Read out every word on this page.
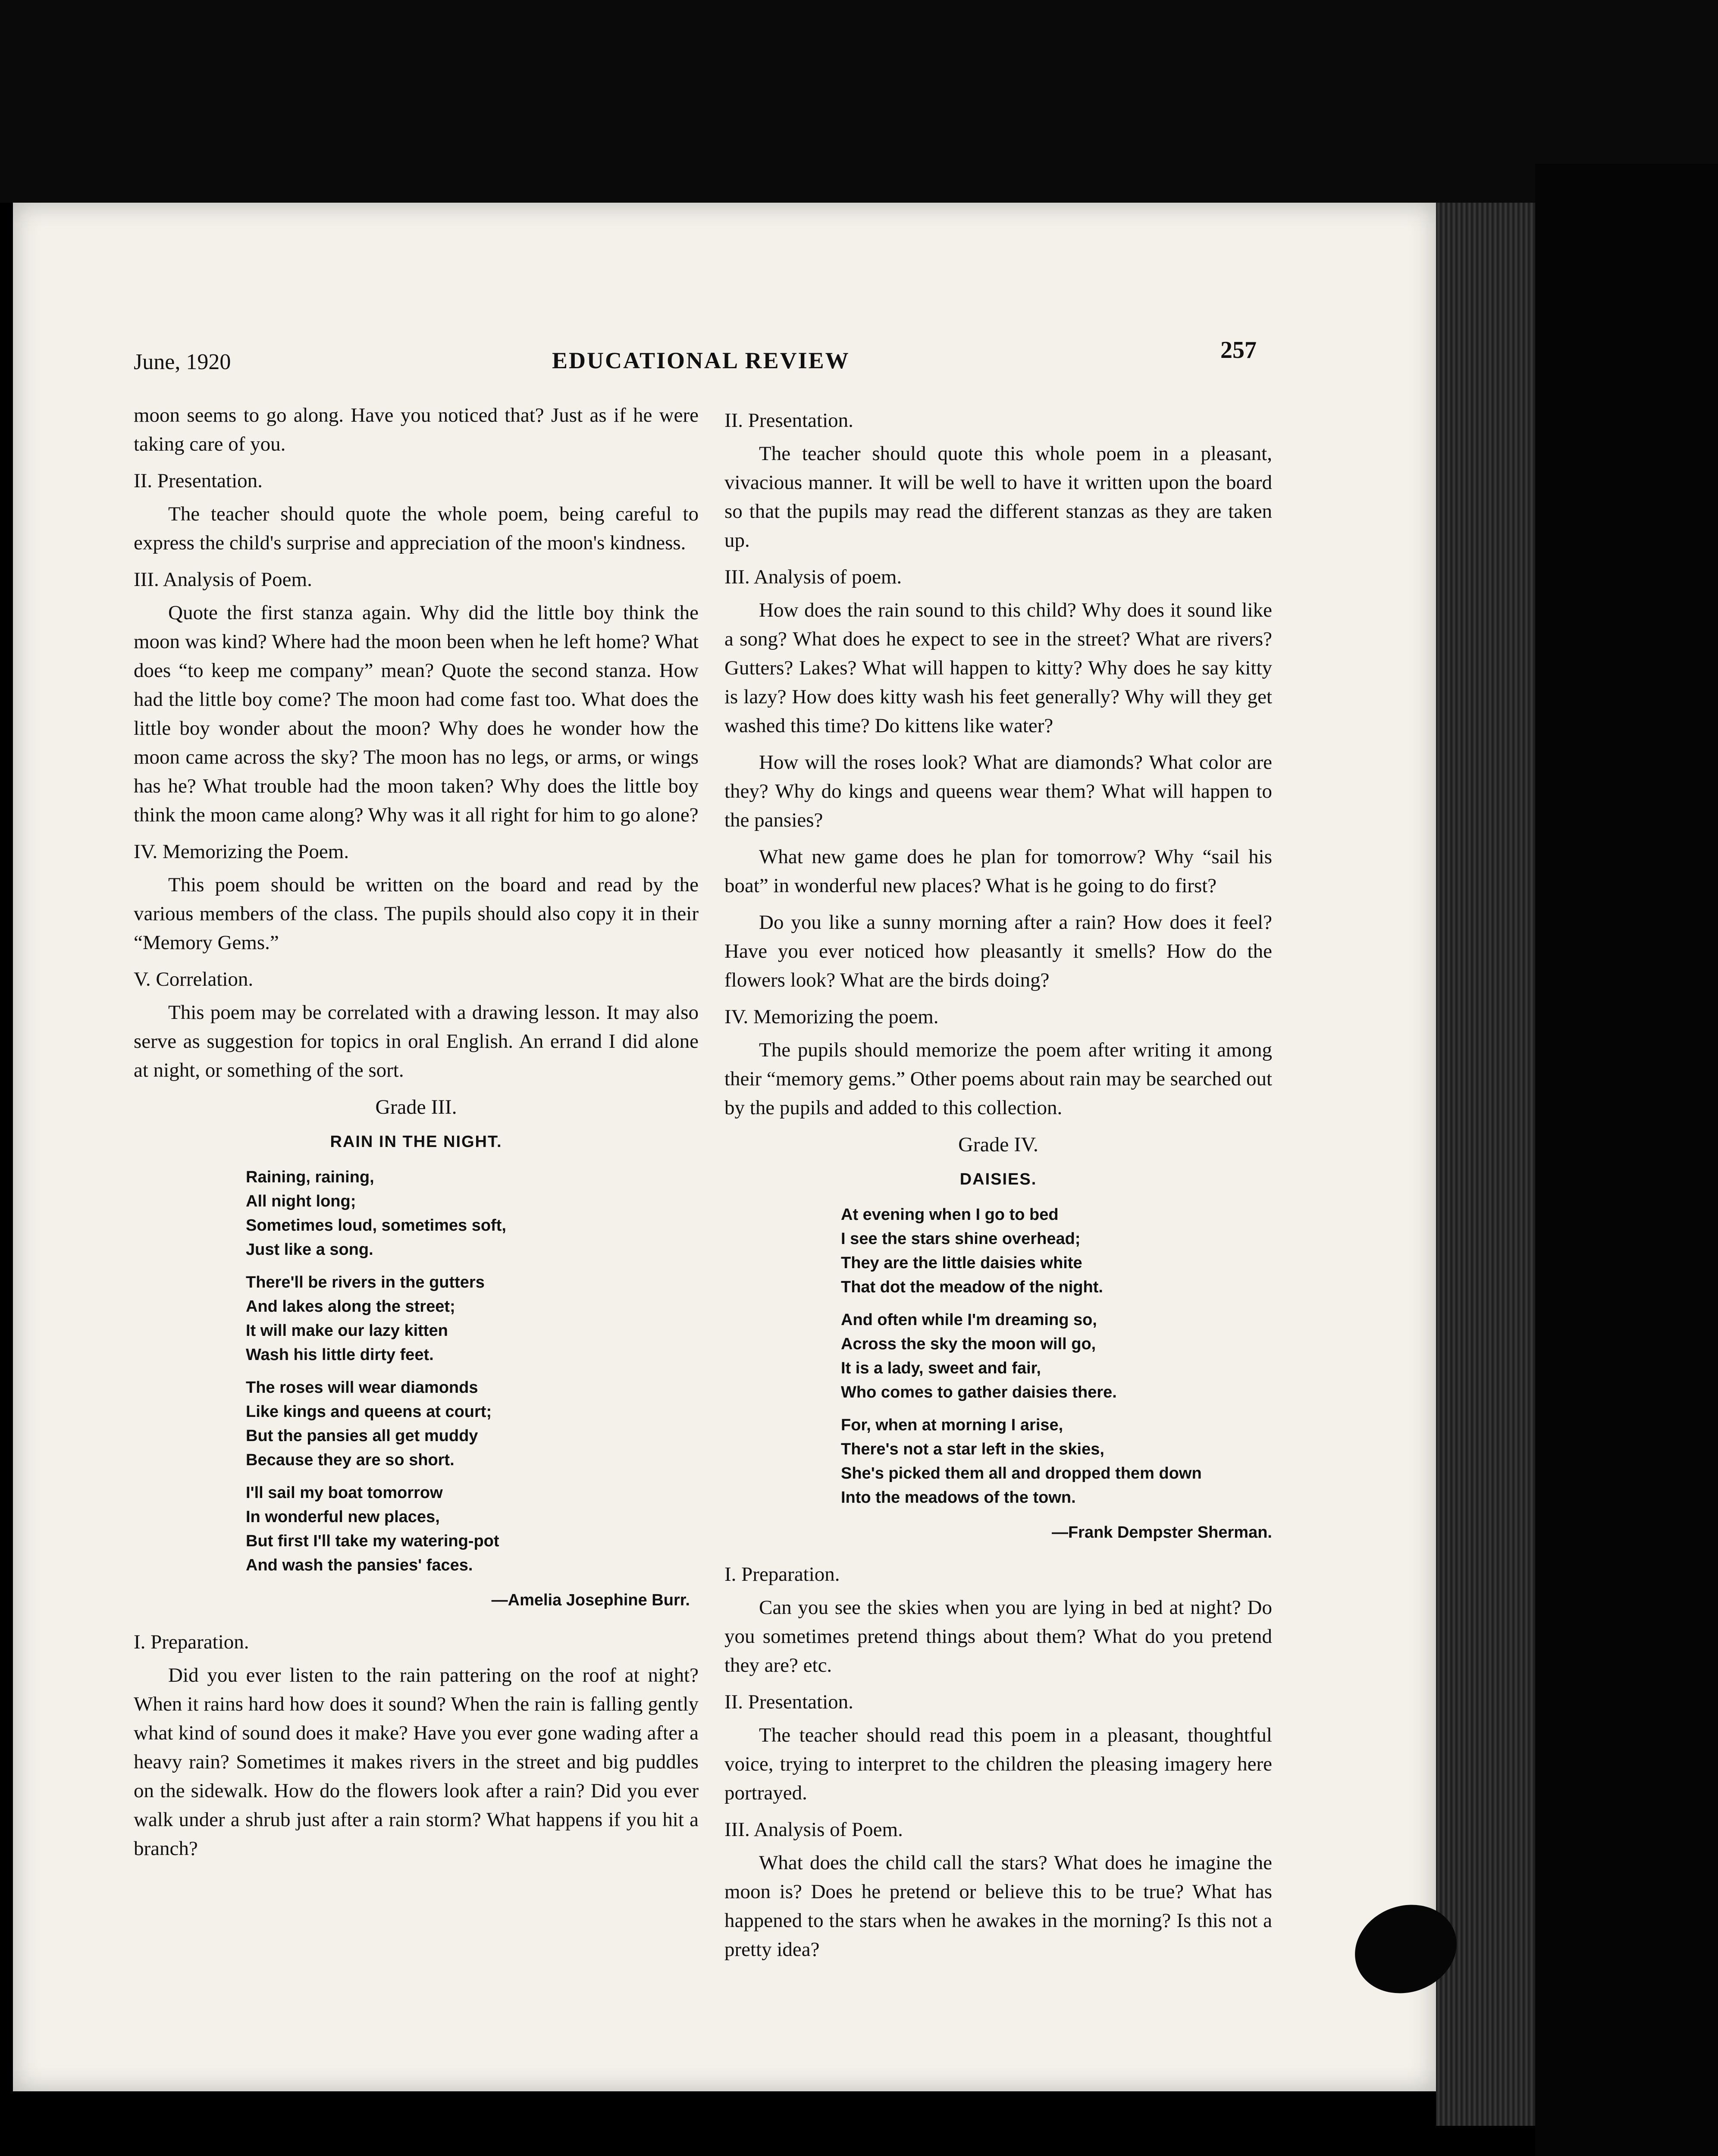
June, 1920	EDUCATIONAL REVIEW	257

moon seems to go along. Have you noticed that? Just as if he were taking care of you.

II. Presentation.

The teacher should quote the whole poem, being careful to express the child's surprise and appreciation of the moon's kindness.

III. Analysis of Poem.

Quote the first stanza again. Why did the little boy think the moon was kind? Where had the moon been when he left home? What does “to keep me company” mean? Quote the second stanza. How had the little boy come? The moon had come fast too. What does the little boy wonder about the moon? Why does he wonder how the moon came across the sky? The moon has no legs, or arms, or wings has he? What trouble had the moon taken? Why does the little boy think the moon came along? Why was it all right for him to go alone?

IV. Memorizing the Poem.

This poem should be written on the board and read by the various members of the class. The pupils should also copy it in their “Memory Gems.”

V. Correlation.

This poem may be correlated with a drawing lesson. It may also serve as suggestion for topics in oral English. An errand I did alone at night, or something of the sort.

Grade III.
RAIN IN THE NIGHT.
Raining, raining,
All night long;
Sometimes loud, sometimes soft,
Just like a song.
There'll be rivers in the gutters
And lakes along the street;
It will make our lazy kitten
Wash his little dirty feet.
The roses will wear diamonds
Like kings and queens at court;
But the pansies all get muddy
Because they are so short.
I'll sail my boat tomorrow
In wonderful new places,
But first I'll take my watering-pot
And wash the pansies' faces.
—Amelia Josephine Burr.
I. Preparation.

Did you ever listen to the rain pattering on the roof at night? When it rains hard how does it sound? When the rain is falling gently what kind of sound does it make? Have you ever gone wading after a heavy rain? Sometimes it makes rivers in the street and big puddles on the sidewalk. How do the flowers look after a rain? Did you ever walk under a shrub just after a rain storm? What happens if you hit a branch?

II. Presentation.

The teacher should quote this whole poem in a pleasant, vivacious manner. It will be well to have it written upon the board so that the pupils may read the different stanzas as they are taken up.

III. Analysis of poem.

How does the rain sound to this child? Why does it sound like a song? What does he expect to see in the street? What are rivers? Gutters? Lakes? What will happen to kitty? Why does he say kitty is lazy? How does kitty wash his feet generally? Why will they get washed this time? Do kittens like water?

How will the roses look? What are diamonds? What color are they? Why do kings and queens wear them? What will happen to the pansies?

What new game does he plan for tomorrow? Why “sail his boat” in wonderful new places? What is he going to do first?

Do you like a sunny morning after a rain? How does it feel? Have you ever noticed how pleasantly it smells? How do the flowers look? What are the birds doing?

IV. Memorizing the poem.

The pupils should memorize the poem after writing it among their “memory gems.” Other poems about rain may be searched out by the pupils and added to this collection.

Grade IV.
DAISIES.
At evening when I go to bed
I see the stars shine overhead;
They are the little daisies white
That dot the meadow of the night.
And often while I'm dreaming so,
Across the sky the moon will go,
It is a lady, sweet and fair,
Who comes to gather daisies there.
For, when at morning I arise,
There's not a star left in the skies,
She's picked them all and dropped them down
Into the meadows of the town.
—Frank Dempster Sherman.
I. Preparation.

Can you see the skies when you are lying in bed at night? Do you sometimes pretend things about them? What do you pretend they are? etc.

II. Presentation.

The teacher should read this poem in a pleasant, thoughtful voice, trying to interpret to the children the pleasing imagery here portrayed.

III. Analysis of Poem.

What does the child call the stars? What does he imagine the moon is? Does he pretend or believe this to be true? What has happened to the stars when he awakes in the morning? Is this not a pretty idea?
